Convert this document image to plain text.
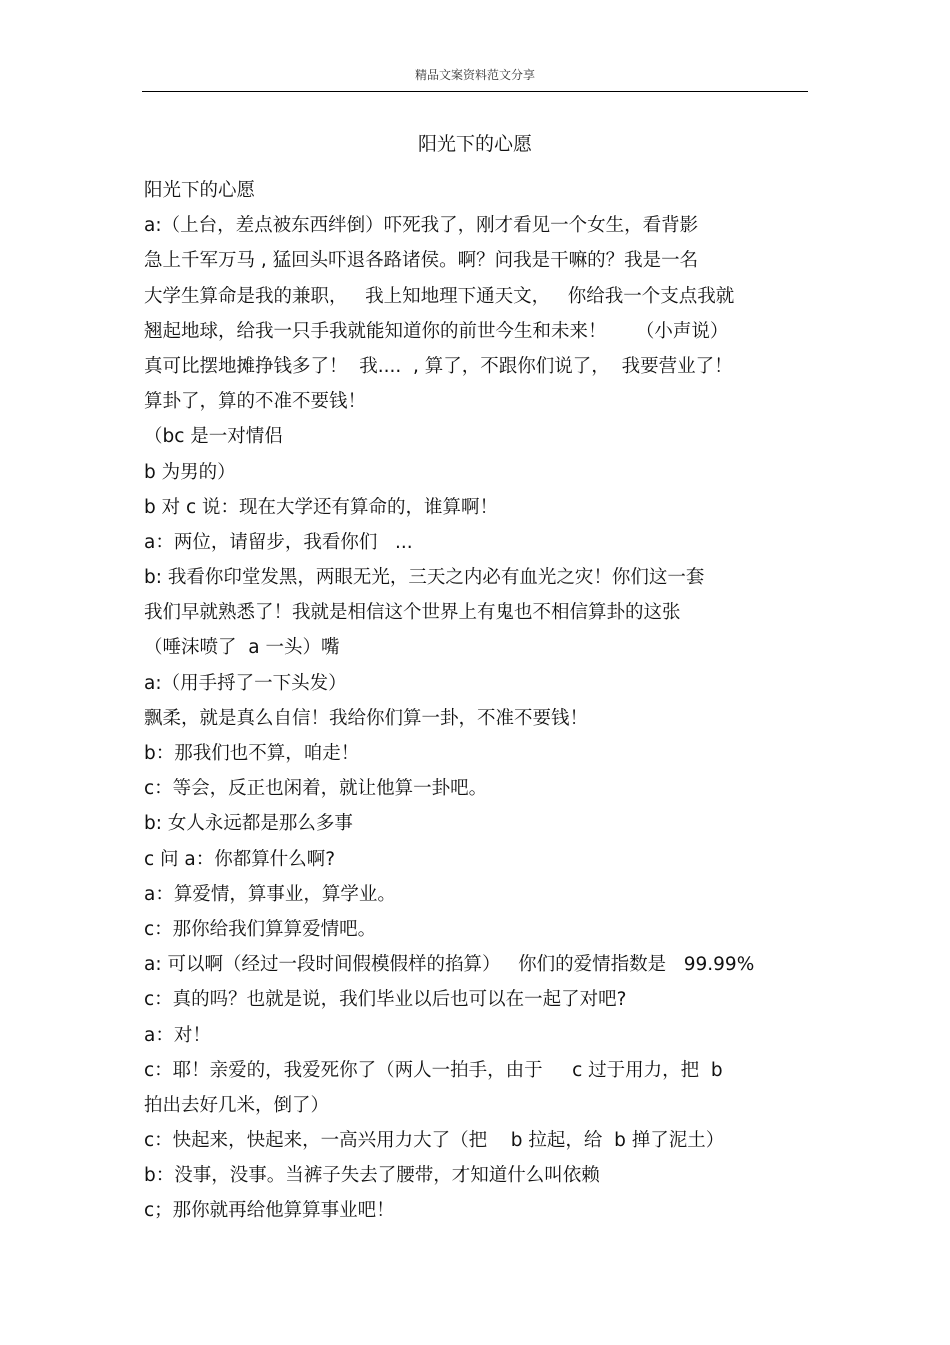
精品文案资料范文分享
阳光下的心愿
阳光下的心愿
a:（上台，差点被东西绊倒）吓死我了，刚才看见一个女生，看背影
急上千军万马 , 猛回头吓退各路诸侯。啊？问我是干嘛的？我是一名
大学生算命是我的兼职，   我上知地理下通天文，   你给我一个支点我就
翘起地球，给我一只手我就能知道你的前世今生和未来！     （小声说）
真可比摆地摊挣钱多了！  我....  , 算了，不跟你们说了，  我要营业了！
算卦了，算的不准不要钱！
（bc 是一对情侣
b 为男的）
b 对 c 说：现在大学还有算命的，谁算啊！
a：两位，请留步，我看你们   ...
b: 我看你印堂发黑，两眼无光，三天之内必有血光之灾！你们这一套
我们早就熟悉了！我就是相信这个世界上有鬼也不相信算卦的这张
（唾沫喷了  a 一头）嘴
a:（用手捋了一下头发）
飘柔，就是真么自信！我给你们算一卦，不准不要钱！
b：那我们也不算，咱走！
c：等会，反正也闲着，就让他算一卦吧。
b: 女人永远都是那么多事
c 问 a：你都算什么啊?
a：算爱情，算事业，算学业。
c：那你给我们算算爱情吧。
a: 可以啊（经过一段时间假模假样的掐算）   你们的爱情指数是   99.99%
c：真的吗？也就是说，我们毕业以后也可以在一起了对吧?
a：对！
c：耶！亲爱的，我爱死你了（两人一拍手，由于     c 过于用力，把  b
拍出去好几米，倒了）
c：快起来，快起来，一高兴用力大了（把    b 拉起，给  b 掸了泥土）
b：没事，没事。当裤子失去了腰带，才知道什么叫依赖
c；那你就再给他算算事业吧！
